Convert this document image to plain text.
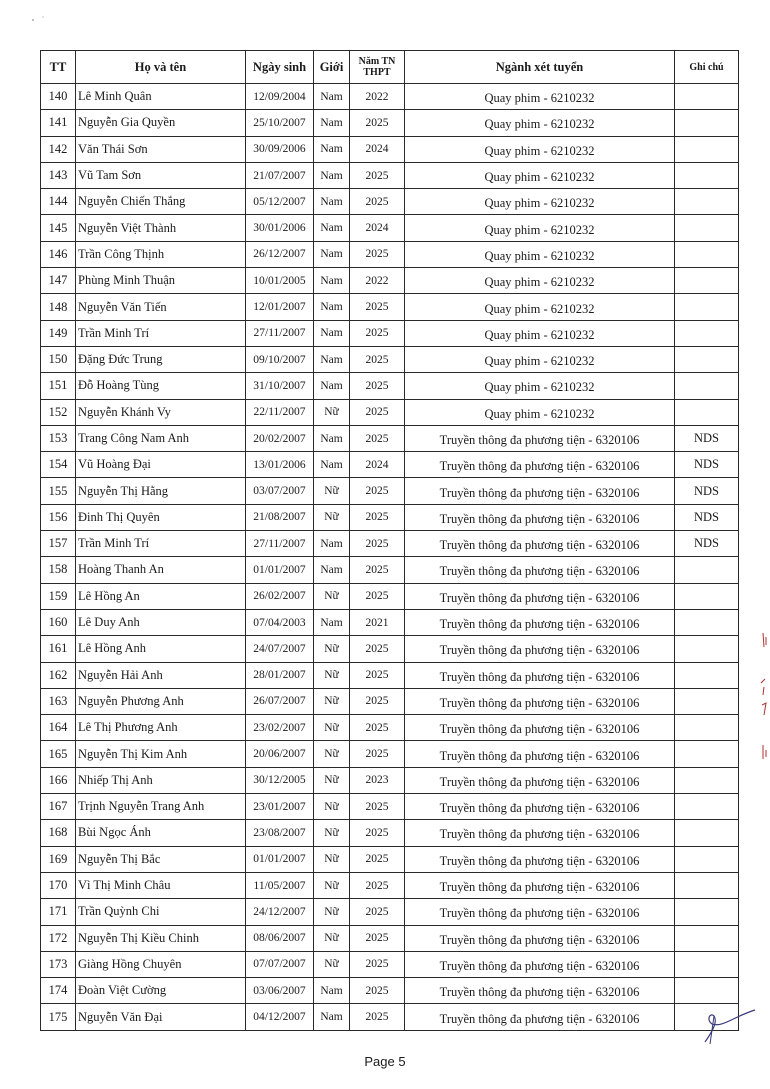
TT	Họ và tên	Ngày sinh	Giới	Năm TN THPT	Ngành xét tuyển	Ghi chú
140	Lê Minh Quân	12/09/2004	Nam	2022	Quay phim - 6210232	
141	Nguyễn Gia Quyền	25/10/2007	Nam	2025	Quay phim - 6210232	
142	Văn Thái Sơn	30/09/2006	Nam	2024	Quay phim - 6210232	
143	Vũ Tam Sơn	21/07/2007	Nam	2025	Quay phim - 6210232	
144	Nguyễn Chiến Thắng	05/12/2007	Nam	2025	Quay phim - 6210232	
145	Nguyễn Việt Thành	30/01/2006	Nam	2024	Quay phim - 6210232	
146	Trần Công Thịnh	26/12/2007	Nam	2025	Quay phim - 6210232	
147	Phùng Minh Thuận	10/01/2005	Nam	2022	Quay phim - 6210232	
148	Nguyễn Văn Tiến	12/01/2007	Nam	2025	Quay phim - 6210232	
149	Trần Minh Trí	27/11/2007	Nam	2025	Quay phim - 6210232	
150	Đặng Đức Trung	09/10/2007	Nam	2025	Quay phim - 6210232	
151	Đỗ Hoàng Tùng	31/10/2007	Nam	2025	Quay phim - 6210232	
152	Nguyễn Khánh Vy	22/11/2007	Nữ	2025	Quay phim - 6210232	
153	Trang Công Nam Anh	20/02/2007	Nam	2025	Truyền thông đa phương tiện - 6320106	NDS
154	Vũ Hoàng Đại	13/01/2006	Nam	2024	Truyền thông đa phương tiện - 6320106	NDS
155	Nguyễn Thị Hằng	03/07/2007	Nữ	2025	Truyền thông đa phương tiện - 6320106	NDS
156	Đinh Thị Quyên	21/08/2007	Nữ	2025	Truyền thông đa phương tiện - 6320106	NDS
157	Trần Minh Trí	27/11/2007	Nam	2025	Truyền thông đa phương tiện - 6320106	NDS
158	Hoàng Thanh An	01/01/2007	Nam	2025	Truyền thông đa phương tiện - 6320106	
159	Lê Hồng An	26/02/2007	Nữ	2025	Truyền thông đa phương tiện - 6320106	
160	Lê Duy Anh	07/04/2003	Nam	2021	Truyền thông đa phương tiện - 6320106	
161	Lê Hồng Anh	24/07/2007	Nữ	2025	Truyền thông đa phương tiện - 6320106	
162	Nguyễn Hải Anh	28/01/2007	Nữ	2025	Truyền thông đa phương tiện - 6320106	
163	Nguyễn Phương Anh	26/07/2007	Nữ	2025	Truyền thông đa phương tiện - 6320106	
164	Lê Thị Phương Anh	23/02/2007	Nữ	2025	Truyền thông đa phương tiện - 6320106	
165	Nguyễn Thị Kim Anh	20/06/2007	Nữ	2025	Truyền thông đa phương tiện - 6320106	
166	Nhiếp Thị Anh	30/12/2005	Nữ	2023	Truyền thông đa phương tiện - 6320106	
167	Trịnh Nguyễn Trang Anh	23/01/2007	Nữ	2025	Truyền thông đa phương tiện - 6320106	
168	Bùi Ngọc Ánh	23/08/2007	Nữ	2025	Truyền thông đa phương tiện - 6320106	
169	Nguyễn Thị Bắc	01/01/2007	Nữ	2025	Truyền thông đa phương tiện - 6320106	
170	Vì Thị Minh Châu	11/05/2007	Nữ	2025	Truyền thông đa phương tiện - 6320106	
171	Trần Quỳnh Chi	24/12/2007	Nữ	2025	Truyền thông đa phương tiện - 6320106	
172	Nguyễn Thị Kiều Chinh	08/06/2007	Nữ	2025	Truyền thông đa phương tiện - 6320106	
173	Giàng Hồng Chuyên	07/07/2007	Nữ	2025	Truyền thông đa phương tiện - 6320106	
174	Đoàn Việt Cường	03/06/2007	Nam	2025	Truyền thông đa phương tiện - 6320106	
175	Nguyễn Văn Đại	04/12/2007	Nam	2025	Truyền thông đa phương tiện - 6320106	
Page 5
